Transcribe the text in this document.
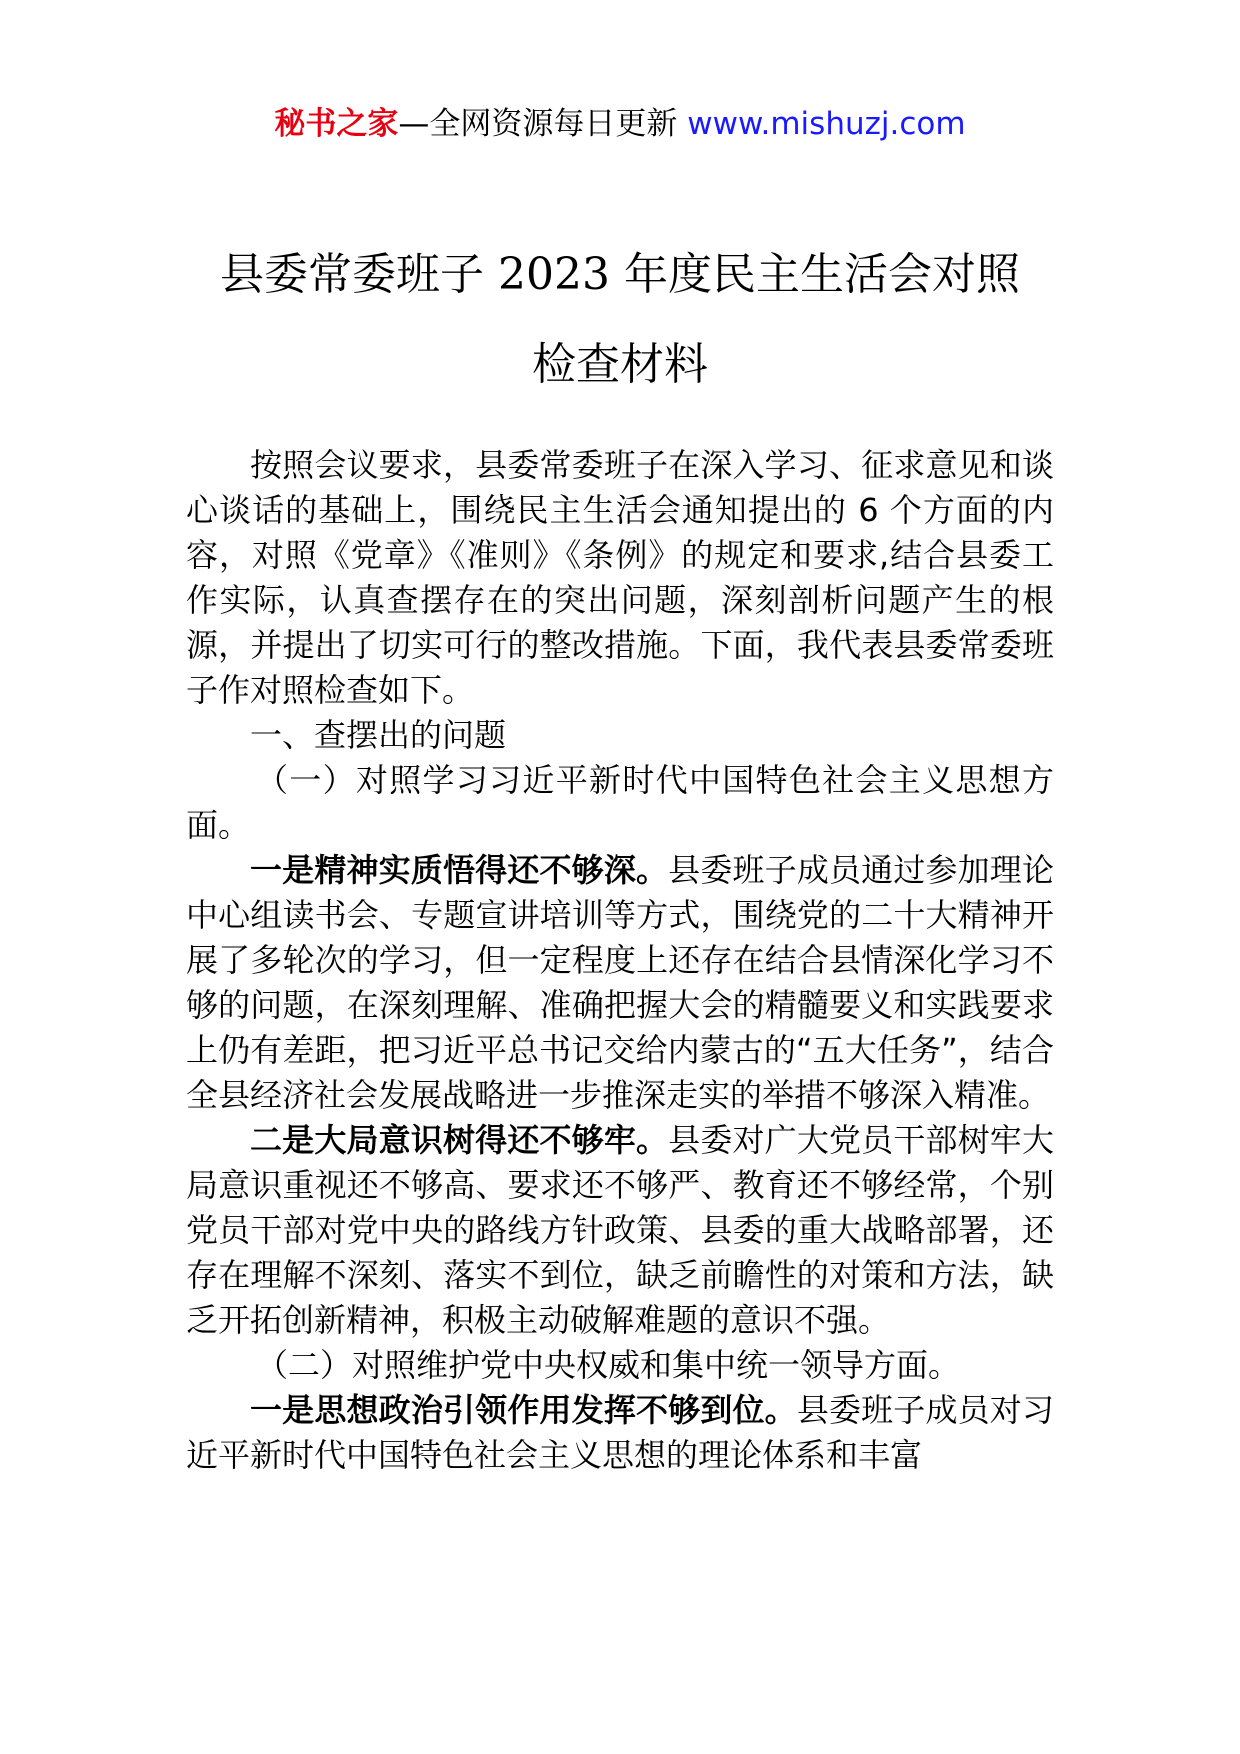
秘书之家—全网资源每日更新 www.mishuzj.com
县委常委班子 2023 年度民主生活会对照
检查材料

按照会议要求，县委常委班子在深入学习、征求意见和谈心谈话的基础上，围绕民主生活会通知提出的 6 个方面的内容，对照《党章》《准则》《条例》的规定和要求,结合县委工作实际，认真查摆存在的突出问题，深刻剖析问题产生的根源，并提出了切实可行的整改措施。下面，我代表县委常委班子作对照检查如下。

一、查摆出的问题

（一）对照学习习近平新时代中国特色社会主义思想方面。

一是精神实质悟得还不够深。县委班子成员通过参加理论中心组读书会、专题宣讲培训等方式，围绕党的二十大精神开展了多轮次的学习，但一定程度上还存在结合县情深化学习不够的问题，在深刻理解、准确把握大会的精髓要义和实践要求上仍有差距，把习近平总书记交给内蒙古的“五大任务”，结合全县经济社会发展战略进一步推深走实的举措不够深入精准。

二是大局意识树得还不够牢。县委对广大党员干部树牢大局意识重视还不够高、要求还不够严、教育还不够经常，个别党员干部对党中央的路线方针政策、县委的重大战略部署，还存在理解不深刻、落实不到位，缺乏前瞻性的对策和方法，缺乏开拓创新精神，积极主动破解难题的意识不强。

（二）对照维护党中央权威和集中统一领导方面。

一是思想政治引领作用发挥不够到位。县委班子成员对习近平新时代中国特色社会主义思想的理论体系和丰富
